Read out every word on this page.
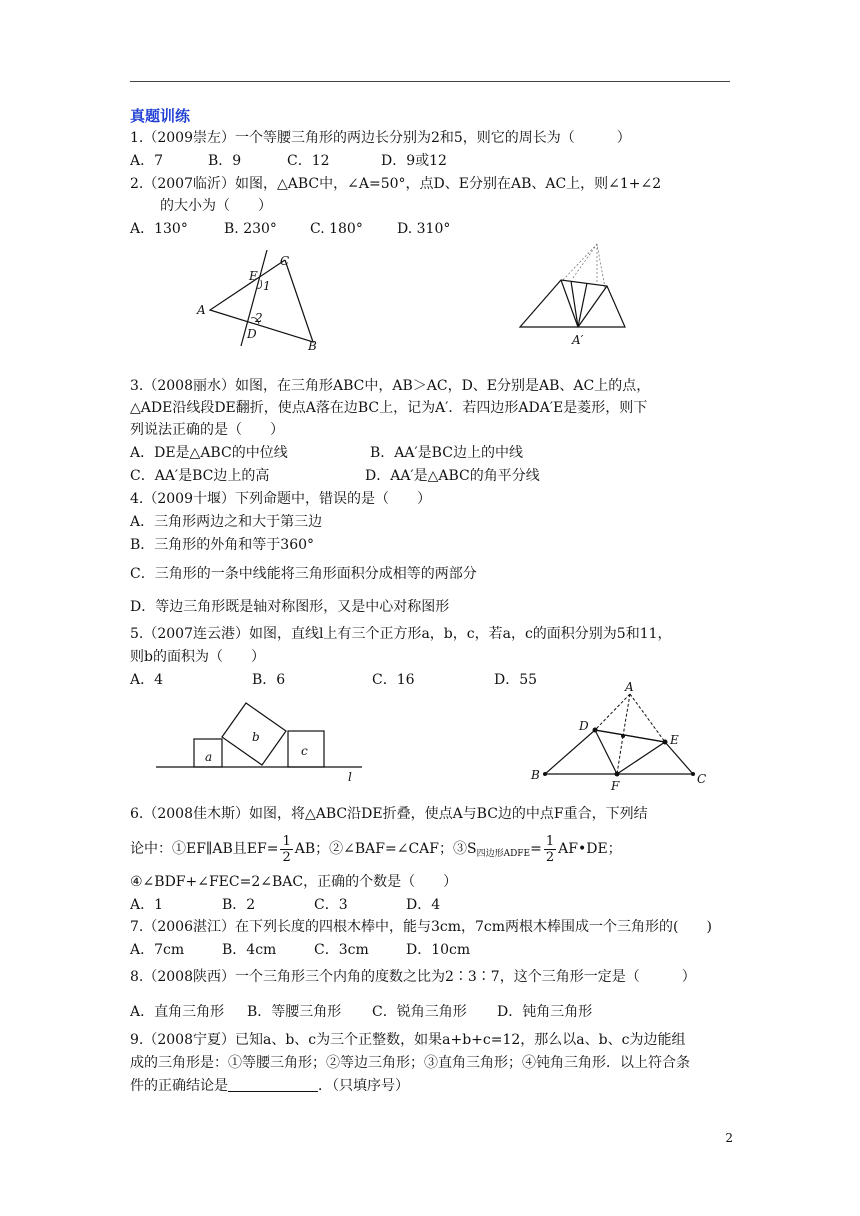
真题训练
1.（2009崇左）一个等腰三角形的两边长分别为2和5，则它的周长为（　　　）
A．7	B．9	C．12	D．9或12
2.（2007临沂）如图，△ABC中，∠A=50°，点D、E分别在AB、AC上，则∠1+∠2
的大小为（　　）
A．130°	B. 230° C. 180° D. 310°
A
B
C
D
E
1
2
A′
3.（2008丽水）如图，在三角形ABC中，AB＞AC，D、E分别是AB、AC上的点，
△ADE沿线段DE翻折，使点A落在边BC上，记为A′．若四边形ADA′E是菱形，则下
列说法正确的是（　　）
A．DE是△ABC的中位线	B．AA′是BC边上的中线
C．AA′是BC边上的高	D．AA′是△ABC的角平分线
4.（2009十堰）下列命题中，错误的是（　　）
A．三角形两边之和大于第三边
B．三角形的外角和等于360°
C．三角形的一条中线能将三角形面积分成相等的两部分
D．等边三角形既是轴对称图形，又是中心对称图形
5.（2007连云港）如图，直线l上有三个正方形a，b，c，若a，c的面积分别为5和11，
则b的面积为（　　）
A．4	B．6	C．16	D．55
a
b
c
l
A
B	C
D
E
F
6.（2008佳木斯）如图，将△ABC沿DE折叠，使点A与BC边的中点F重合，下列结
论中：①EF∥AB且$EF= \frac{1}{2}$ AB；②∠BAF=∠CAF；$③S_{四边形ADFE}= \frac{1}{2}$ AF•DE；
④∠BDF+∠FEC=2∠BAC，正确的个数是（　　）
A．1	B．2	C．3	D．4
7.（2006湛江）在下列长度的四根木棒中，能与3cm，7cm两根木棒围成一个三角形的(　　)
A．7cm	B．4cm	C．3cm	D．10cm
8.（2008陕西）一个三角形三个内角的度数之比为2∶3∶7，这个三角形一定是（　　　）
A．直角三角形 B．等腰三角形 C．锐角三角形 D．钝角三角形
9.（2008宁夏）已知a、b、c为三个正整数，如果a+b+c=12，那么以a、b、c为边能组
成的三角形是：①等腰三角形；②等边三角形；③直角三角形；④钝角三角形．以上符合条
件的正确结论是	．（只填序号）
2
